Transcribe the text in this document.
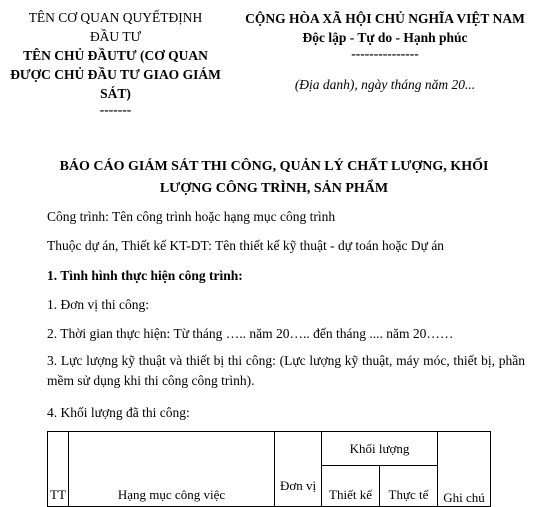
TÊN CƠ QUAN QUYẾTĐỊNH
ĐẦU TƯ
TÊN CHỦ ĐẦUTƯ (CƠ QUAN
ĐƯỢC CHỦ ĐẦU TƯ GIAO GIÁM
SÁT)
-------
CỘNG HÒA XÃ HỘI CHỦ NGHĨA VIỆT NAM
Độc lập - Tự do - Hạnh phúc
---------------
(Địa danh), ngày tháng năm 20...
BÁO CÁO GIÁM SÁT THI CÔNG, QUẢN LÝ CHẤT LƯỢNG, KHỐI
LƯỢNG CÔNG TRÌNH, SẢN PHẨM
Công trình: Tên công trình hoặc hạng mục công trình
Thuộc dự án, Thiết kế KT-DT: Tên thiết kế kỹ thuật - dự toán hoặc Dự án
1. Tình hình thực hiện công trình:
1. Đơn vị thi công:
2. Thời gian thực hiện: Từ tháng ….. năm 20….. đến tháng .... năm 20……
3. Lực lượng kỹ thuật và thiết bị thi công: (Lực lượng kỹ thuật, máy móc, thiết bị, phần mềm sử dụng khi thi công công trình).
4. Khối lượng đã thi công:
TT	Hạng mục công việc	Đơn vị	Khối lượng		Ghi chú

			Thiết kế	Thực tế	
